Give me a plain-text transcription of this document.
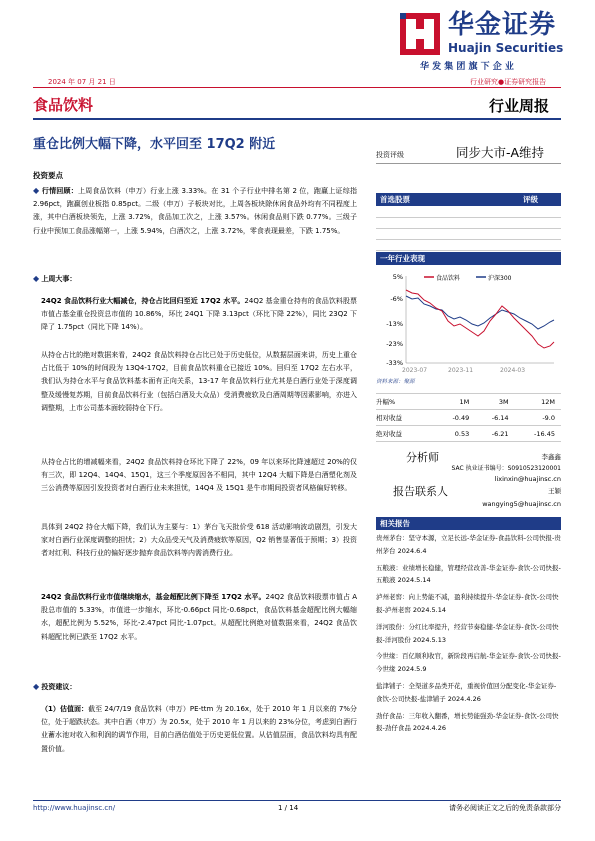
华金证券
Huajin Securities
华 发 集 团 旗 下 企 业
2024 年 07 月 21 日	行业研究●证券研究报告
食品饮料	行业周报
重仓比例大幅下降，水平回至 17Q2 附近
投资评级	同步大市-A维持
投资要点
◆ 行情回顾：上周食品饮料（申万）行业上涨 3.33%。在 31 个子行业中排名第 2 位，跑赢上证综指 2.96pct，跑赢创业板指 0.85pct。二级（申万）子板块对比，上周各板块除休闲食品外均有不同程度上涨，其中白酒板块领先，上涨 3.72%，食品加工次之，上涨 3.57%。休闲食品则下跌 0.77%。三级子行业中预加工食品涨幅第一，上涨 5.94%，白酒次之，上涨 3.72%，零食表现最差，下跌 1.75%。
◆ 上周大事：
24Q2 食品饮料行业大幅减仓，持仓占比回归至近 17Q2 水平。24Q2 基金重仓持有的食品饮料股票市值占基金重仓投资总市值的 10.86%，环比 24Q1 下降 3.13pct（环比下降 22%），同比 23Q2 下降了 1.75pct（同比下降 14%）。
从持仓占比的绝对数据来看，24Q2 食品饮料持仓占比已处于历史低位，从数据层面来讲，历史上重仓占比低于 10%的时间段为 13Q4-17Q2，目前食品饮料重仓已接近 10%。回归至 17Q2 左右水平，我们认为持仓水平与食品饮料基本面有正向关系，13-17 年食品饮料行业尤其是白酒行业处于深度调整及缓慢复苏期，目前食品饮料行业（包括白酒及大众品）受消费疲软及白酒周期等因素影响，亦进入调整期，上市公司基本面较弱持仓下行。
从持仓占比的增减幅来看，24Q2 食品饮料持仓环比下降了 22%，09 年以来环比降速超过 20%的仅有三次，即 12Q4、14Q4、15Q1，这三个季度原因各不相同，其中 12Q4 大幅下降是白酒塑化剂及三公消费等原因引发投资者对白酒行业未来担忧，14Q4 及 15Q1 是牛市期间投资者风格偏好转移。
具体到 24Q2 持仓大幅下降，我们认为主要与：1）茅台飞天批价受 618 活动影响波动剧烈，引发大家对白酒行业深度调整的担忧；2）大众品受天气及消费疲软等原因，Q2 销售显著低于预期；3）投资者对红利、科技行业的偏好逐步抛弃食品饮料等内需消费行业。
24Q2 食品饮料行业市值继续缩水，基金超配比例下降至 17Q2 水平。24Q2 食品饮料股票市值占 A 股总市值的 5.33%，市值进一步缩水，环比-0.66pct 同比-0.68pct，食品饮料基金超配比例大幅缩水，超配比例为 5.52%，环比-2.47pct 同比-1.07pct。从超配比例绝对值数据来看，24Q2 食品饮料超配比例已跌至 17Q2 水平。
◆ 投资建议：
（1）估值面：截至 24/7/19 食品饮料（申万）PE-ttm 为 20.16x，处于 2010 年 1 月以来的 7%分位，处于超跌状态。其中白酒（申万）为 20.5x，处于 2010 年 1 月以来的 23%分位，考虑到白酒行业蓄水池对收入和利润的调节作用，目前白酒估值处于历史更低位置。从估值层面，食品饮料均具有配置价值。
首选股票	评级
一年行业表现
食品饮料	沪深300
5%
-6%
-13%
-23%
-33%
2023-07	2023-11	2024-03
资料来源：聚源
升幅%	1M	3M	12M
相对收益	-0.49	-6.14	-9.0
绝对收益	0.53	-6.21	-16.45
分析师	李鑫鑫
SAC 执业证书编号：S0910523120001
lixinxin@huajinsc.cn
报告联系人	王颖
wangying5@huajinsc.cn
相关报告
贵州茅台：坚守本源，立足长远-华金证券-食品饮料-公司快报-贵州茅台 2024.6.4
五粮液：业绩增长稳健，管理经营改善-华金证券-食饮-公司快报-五粮液 2024.5.14
泸州老窖：向上势能不减，盈利持续提升-华金证券-食饮-公司快报-泸州老窖 2024.5.14
洋河股份：分红比率提升，经营节奏稳健-华金证券-食饮-公司快报-洋河股份 2024.5.13
今世缘：百亿顺利收官，新阶段再启航-华金证券-食饮-公司快报-今世缘 2024.5.9
盐津铺子：全渠道多品类开花，重视价值回分配变化-华金证券-食饮-公司快报-盐津铺子 2024.4.26
劲仔食品：三年收入翻番，增长势能强劲-华金证券-食饮-公司快报-劲仔食品 2024.4.26
http://www.huajinsc.cn/	1 / 14	请务必阅读正文之后的免责条款部分
